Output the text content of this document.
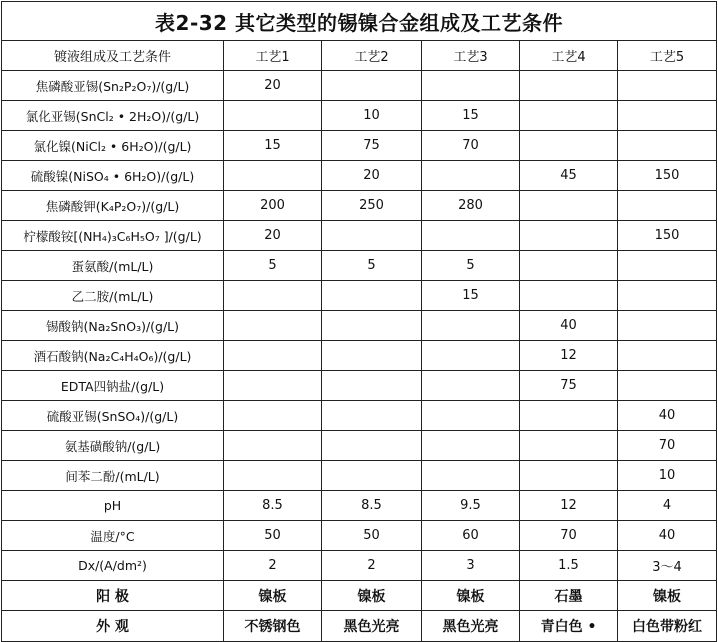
表2-32 其它类型的锡镍合金组成及工艺条件					
镀液组成及工艺条件	工艺1	工艺2	工艺3	工艺4	工艺5
焦磷酸亚锡(Sn₂P₂O₇)/(g/L)	20				
氯化亚锡(SnCl₂ • 2H₂O)/(g/L)		10	15		
氯化镍(NiCl₂ • 6H₂O)/(g/L)	15	75	70		
硫酸镍(NiSO₄ • 6H₂O)/(g/L)		20		45	150
焦磷酸钾(K₄P₂O₇)/(g/L)	200	250	280		
柠檬酸铵[(NH₄)₃C₆H₅O₇ ]/(g/L)	20				150
蛋氨酸/(mL/L)	5	5	5		
乙二胺/(mL/L)			15		
锡酸钠(Na₂SnO₃)/(g/L)				40	
酒石酸钠(Na₂C₄H₄O₆)/(g/L)				12	
EDTA四钠盐/(g/L)				75	
硫酸亚锡(SnSO₄)/(g/L)					40
氨基磺酸钠/(g/L)					70
间苯二酚/(mL/L)					10
pH	8.5	8.5	9.5	12	4
温度/°C	50	50	60	70	40
Dx/(A/dm²)	2	2	3	1.5	3～4
阳 极	镍板	镍板	镍板	石墨	镍板
外 观	不锈钢色	黑色光亮	黑色光亮	青白色 •	白色带粉红
